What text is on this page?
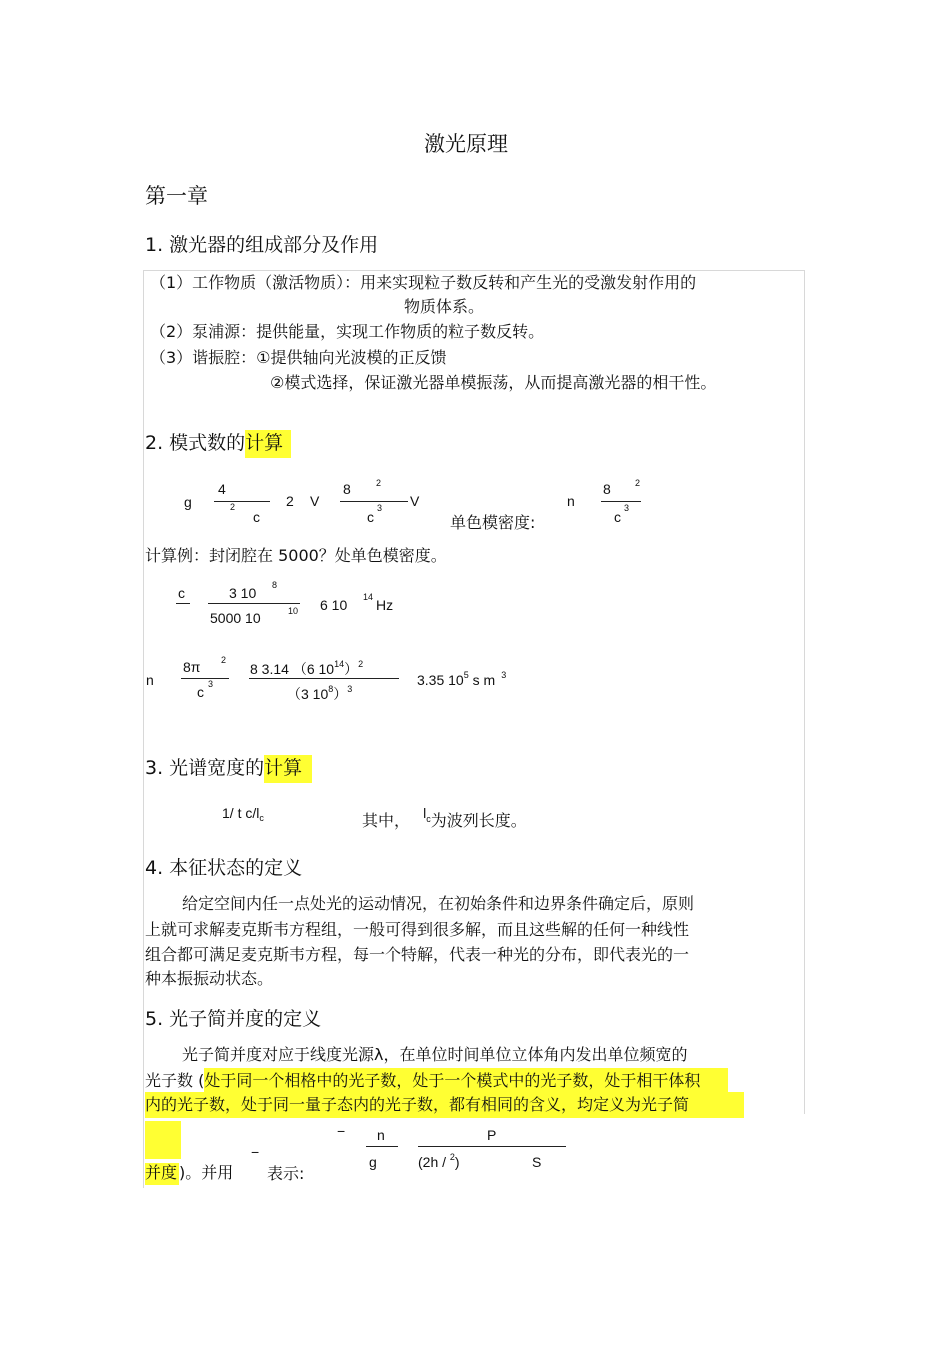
激光原理
第一章
1. 激光器的组成部分及作用
（1）工作物质（激活物质）：用来实现粒子数反转和产生光的受激发射作用的
物质体系。
（2）泵浦源：提供能量，实现工作物质的粒子数反转。
（3）谐振腔：①提供轴向光波模的正反馈
②模式选择，保证激光器单模振荡，从而提高激光器的相干性。
2. 模式数的计算
g
4
2
c
2 V
8	2
c
3 V
单色模密度:
n
8	2
c
3
计算例：封闭腔在 5000？处单色模密度。
c	3 10 8
5000 10	10 6 10 14 Hz
n
8π 2
c 3
8 3.14 （6 $10^{14})^2$
（3 $10^8)^3$
3.35 $10^5$ s m $^3$
3. 光谱宽度的计算
1/ t $c/l_c$	其中， $l^c$为波列长度。
4. 本征状态的定义
给定空间内任一点处光的运动情况，在初始条件和边界条件确定后，原则
上就可求解麦克斯韦方程组，一般可得到很多解，而且这些解的任何一种线性
组合都可满足麦克斯韦方程，每一个特解，代表一种光的分布，即代表光的一
种本振振动状态。
5. 光子简并度的定义
光子简并度对应于线度光源λ，在单位时间单位立体角内发出单位频宽的
光子数 (处于同一个相格中的光子数，处于一个模式中的光子数，处于相干体积
内的光子数，处于同一量子态内的光子数，都有相同的含义，均定义为光子简
并度 )。并用
−
表示:
− n
g
P
(2h / $^2$)	S
